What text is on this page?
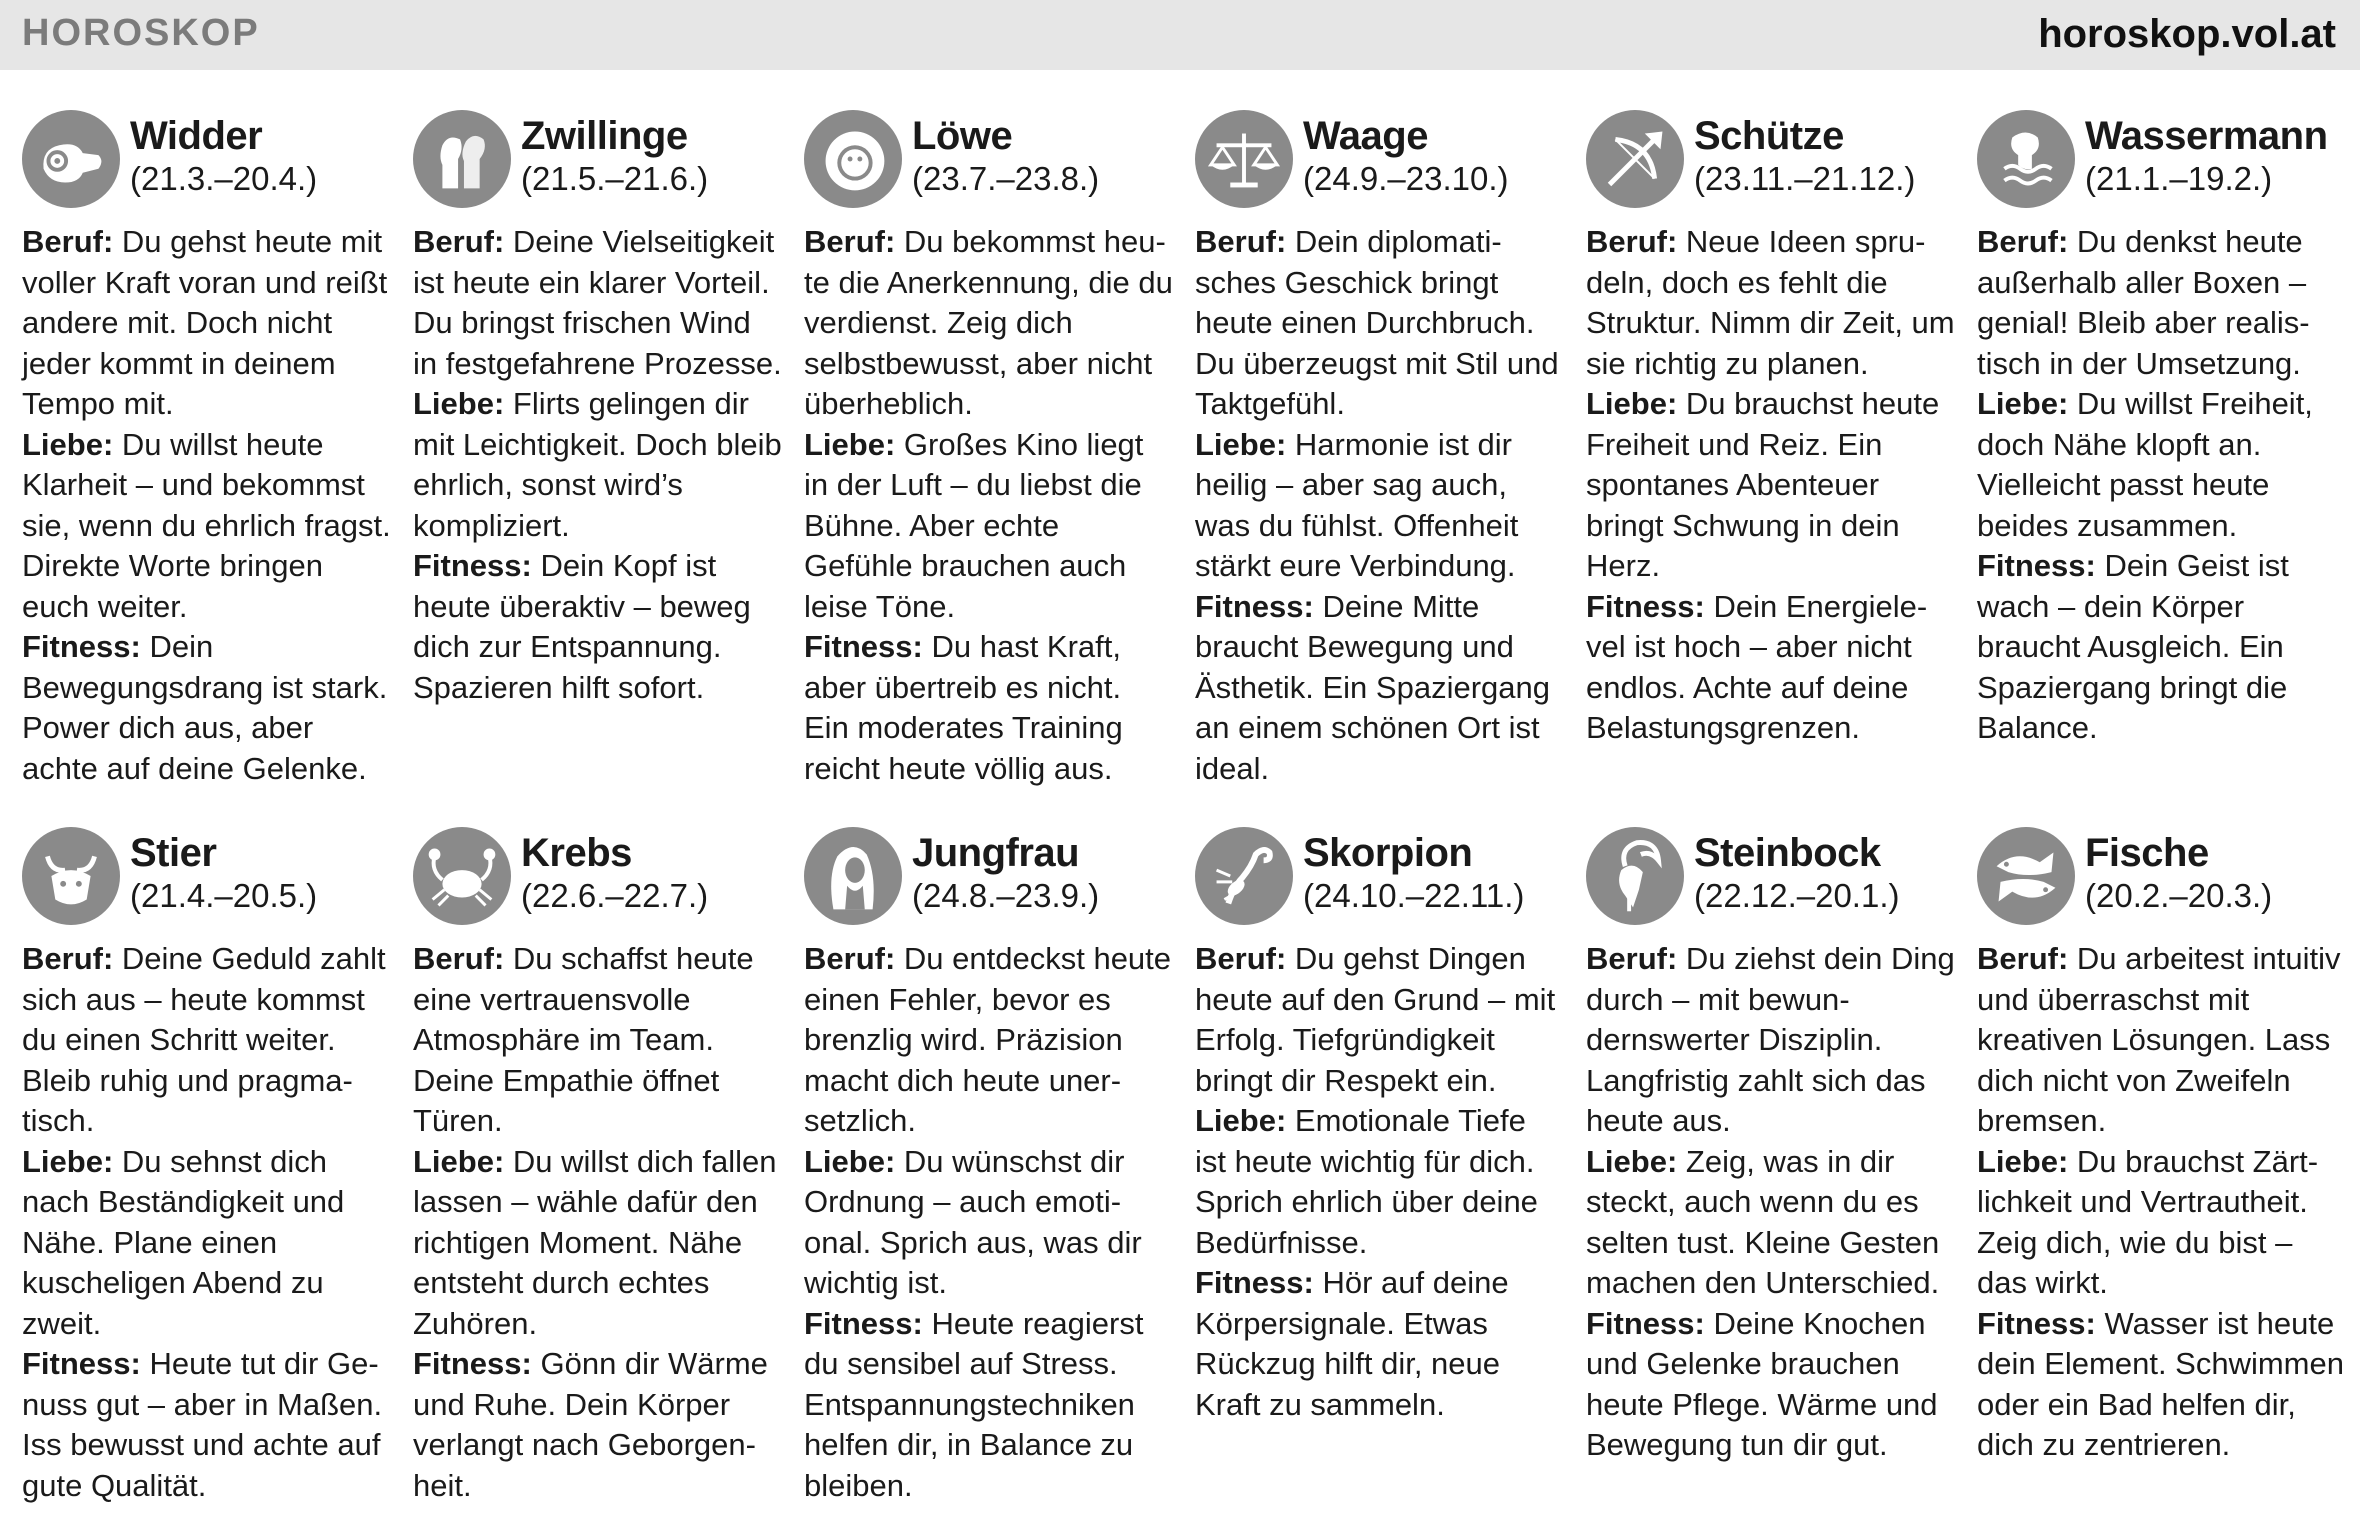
HOROSKOP	horoskop.vol.at
Widder
(21.3.–20.4.)

Beruf: Du gehst heute mit voller Kraft voran und reißt andere mit. Doch nicht jeder kommt in deinem Tempo mit.

Liebe: Du willst heute Klarheit – und bekommst sie, wenn du ehrlich fragst. Direkte Worte bringen euch weiter.

Fitness: Dein Bewegungsdrang ist stark. Power dich aus, aber achte auf deine Gelenke.

Zwillinge
(21.5.–21.6.)

Beruf: Deine Vielseitigkeit ist heute ein klarer Vorteil. Du bringst frischen Wind in festgefahrene Prozesse.

Liebe: Flirts gelingen dir mit Leichtigkeit. Doch bleib ehrlich, sonst wird’s kompliziert.

Fitness: Dein Kopf ist heute überaktiv – beweg dich zur Entspannung. Spazieren hilft sofort.

Löwe
(23.7.–23.8.)

Beruf: Du bekommst heute die Anerkennung, die du verdienst. Zeig dich selbstbewusst, aber nicht überheblich.

Liebe: Großes Kino liegt in der Luft – du liebst die Bühne. Aber echte Gefühle brauchen auch leise Töne.

Fitness: Du hast Kraft, aber übertreib es nicht. Ein moderates Training reicht heute völlig aus.

Waage
(24.9.–23.10.)

Beruf: Dein diplomatisches Geschick bringt heute einen Durchbruch. Du überzeugst mit Stil und Taktgefühl.

Liebe: Harmonie ist dir heilig – aber sag auch, was du fühlst. Offenheit stärkt eure Verbindung.

Fitness: Deine Mitte braucht Bewegung und Ästhetik. Ein Spaziergang an einem schönen Ort ist ideal.

Schütze
(23.11.–21.12.)

Beruf: Neue Ideen sprudeln, doch es fehlt die Struktur. Nimm dir Zeit, um sie richtig zu planen.

Liebe: Du brauchst heute Freiheit und Reiz. Ein spontanes Abenteuer bringt Schwung in dein Herz.

Fitness: Dein Energielevel ist hoch – aber nicht endlos. Achte auf deine Belastungsgrenzen.

Wassermann
(21.1.–19.2.)

Beruf: Du denkst heute außerhalb aller Boxen – genial! Bleib aber realistisch in der Umsetzung.

Liebe: Du willst Freiheit, doch Nähe klopft an. Vielleicht passt heute beides zusammen.

Fitness: Dein Geist ist wach – dein Körper braucht Ausgleich. Ein Spaziergang bringt die Balance.

Stier
(21.4.–20.5.)

Beruf: Deine Geduld zahlt sich aus – heute kommst du einen Schritt weiter. Bleib ruhig und pragmatisch.

Liebe: Du sehnst dich nach Beständigkeit und Nähe. Plane einen kuscheligen Abend zu zweit.

Fitness: Heute tut dir Genuss gut – aber in Maßen. Iss bewusst und achte auf gute Qualität.

Krebs
(22.6.–22.7.)

Beruf: Du schaffst heute eine vertrauensvolle Atmosphäre im Team. Deine Empathie öffnet Türen.

Liebe: Du willst dich fallen lassen – wähle dafür den richtigen Moment. Nähe entsteht durch echtes Zuhören.

Fitness: Gönn dir Wärme und Ruhe. Dein Körper verlangt nach Geborgenheit.

Jungfrau
(24.8.–23.9.)

Beruf: Du entdeckst heute einen Fehler, bevor es brenzlig wird. Präzision macht dich heute unersetzlich.

Liebe: Du wünschst dir Ordnung – auch emotional. Sprich aus, was dir wichtig ist.

Fitness: Heute reagierst du sensibel auf Stress. Entspannungstechniken helfen dir, in Balance zu bleiben.

Skorpion
(24.10.–22.11.)

Beruf: Du gehst Dingen heute auf den Grund – mit Erfolg. Tiefgründigkeit bringt dir Respekt ein.

Liebe: Emotionale Tiefe ist heute wichtig für dich. Sprich ehrlich über deine Bedürfnisse.

Fitness: Hör auf deine Körpersignale. Etwas Rückzug hilft dir, neue Kraft zu sammeln.

Steinbock
(22.12.–20.1.)

Beruf: Du ziehst dein Ding durch – mit bewundernswerter Disziplin. Langfristig zahlt sich das heute aus.

Liebe: Zeig, was in dir steckt, auch wenn du es selten tust. Kleine Gesten machen den Unterschied.

Fitness: Deine Knochen und Gelenke brauchen heute Pflege. Wärme und Bewegung tun dir gut.

Fische
(20.2.–20.3.)

Beruf: Du arbeitest intuitiv und überraschst mit kreativen Lösungen. Lass dich nicht von Zweifeln bremsen.

Liebe: Du brauchst Zärtlichkeit und Vertrautheit. Zeig dich, wie du bist – das wirkt.

Fitness: Wasser ist heute dein Element. Schwimmen oder ein Bad helfen dir, dich zu zentrieren.
